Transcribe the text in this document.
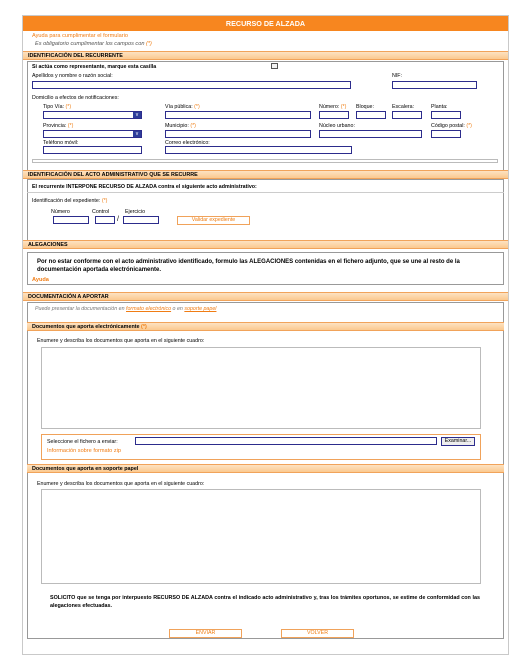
RECURSO DE ALZADA
Ayuda para cumplimentar el formulario
Es obligatorio cumplimentar los campos con (*)
IDENTIFICACIÓN DEL RECURRENTE
Si actúa como representante, marque esta casilla
Apellidos y nombre o razón social:	NIF:
Domicilio a efectos de notificaciones:
Tipo Vía: (*)	Vía pública: (*)	Número: (*) Bloque:	Escalera:	Planta:
v
Provincia: (*)	Municipio: (*)	Núcleo urbano:	Código postal: (*)
v
Teléfono móvil:	Correo electrónico:
IDENTIFICACIÓN DEL ACTO ADMINISTRATIVO QUE SE RECURRE
El recurrente INTERPONE RECURSO DE ALZADA contra el siguiente acto administrativo:
Identificación del expediente: (*)
Número	Control	Ejercicio
/	Validar expediente
ALEGACIONES
Por no estar conforme con el acto administrativo identificado, formulo las ALEGACIONES contenidas en el fichero adjunto, que se une al resto de la documentación aportada electrónicamente.
Ayuda
DOCUMENTACIÓN A APORTAR
Puede presentar la documentación en formato electrónico o en soporte papel
Documentos que aporta electrónicamente (*)
Enumere y describa los documentos que aporta en el siguiente cuadro:
Seleccione el fichero a enviar:	Examinar...
Información sobre formato zip
Documentos que aporta en soporte papel
Enumere y describa los documentos que aporta en el siguiente cuadro:
SOLICITO que se tenga por interpuesto RECURSO DE ALZADA contra el indicado acto administrativo y, tras los trámites oportunos, se estime de conformidad con las alegaciones efectuadas.
ENVIAR	VOLVER
